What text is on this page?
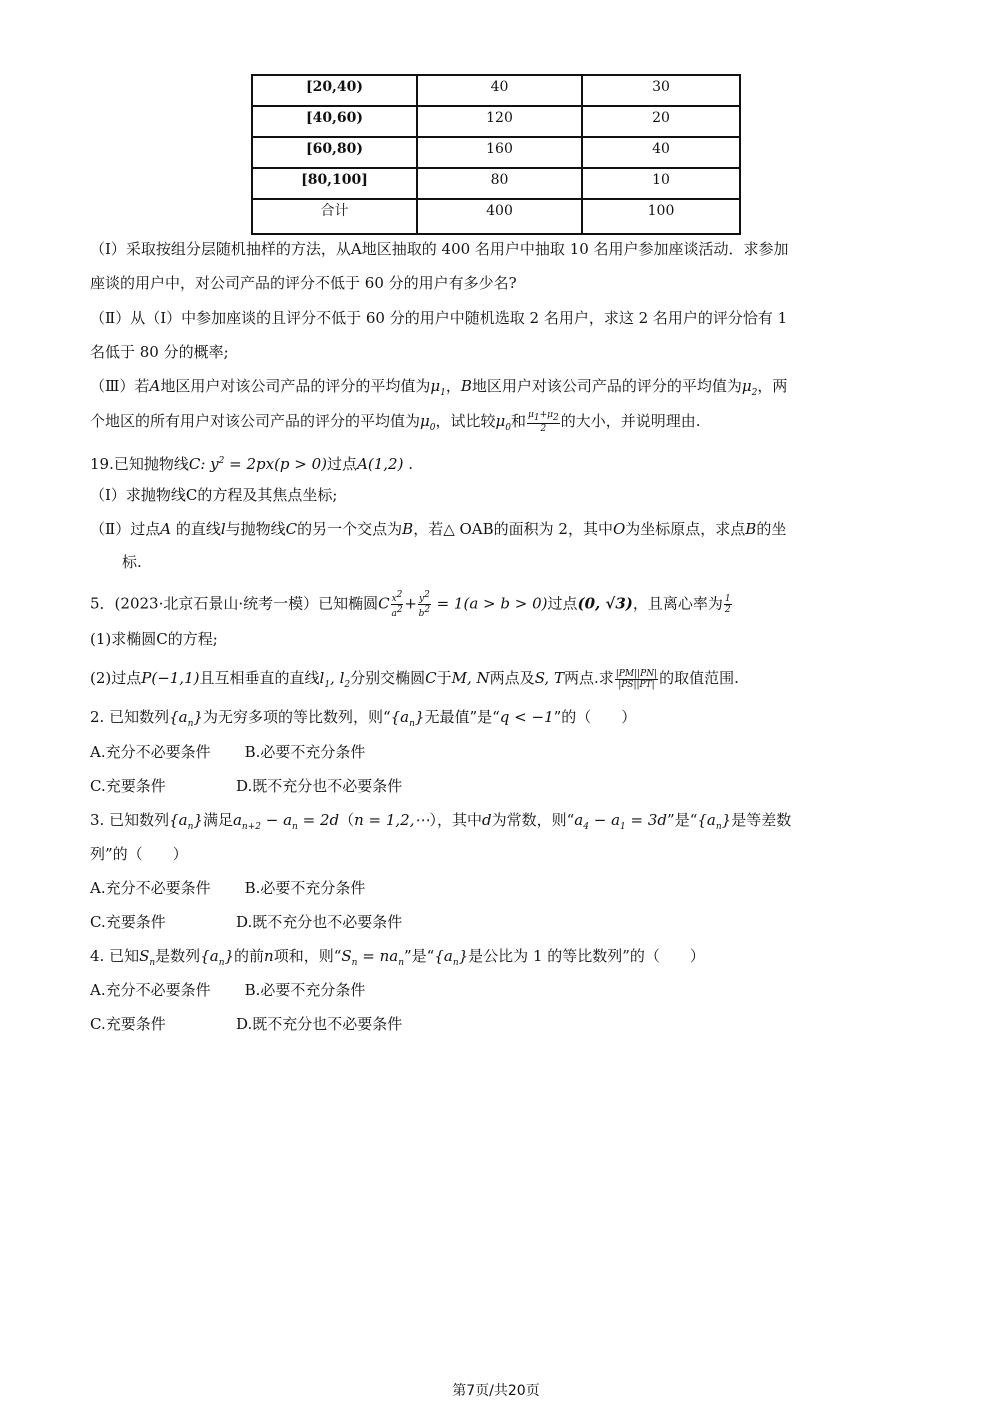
[20,40)	40	30
[40,60)	120	20
[60,80)	160	40
[80,100]	80	10
合计	400	100
（Ⅰ）采取按组分层随机抽样的方法，从A地区抽取的 400 名用户中抽取 10 名用户参加座谈活动．求参加
座谈的用户中，对公司产品的评分不低于 60 分的用户有多少名?
（Ⅱ）从（Ⅰ）中参加座谈的且评分不低于 60 分的用户中随机选取 2 名用户，求这 2 名用户的评分恰有 1
名低于 80 分的概率;
（Ⅲ）若A地区用户对该公司产品的评分的平均值为$\mu_1$，B地区用户对该公司产品的评分的平均值为$\mu_2$，两
个地区的所有用户对该公司产品的评分的平均值为$\mu_0$，试比较$\mu_0$和 $\frac{\mu_1+\mu_2}{2}$ 的大小，并说明理由.
19.已知抛物线C: $y^2 = 2px(p > 0)$过点A(1,2) .
（Ⅰ）求抛物线C的方程及其焦点坐标;
（Ⅱ）过点A 的直线l与抛物线C的另一个交点为B，若△ OAB的面积为 2，其中O为坐标原点，求点B的坐
标.
5．(2023·北京石景山·统考一模）已知椭圆C $\frac{x^2}{a^2} + \frac{y^2}{b^2} = 1(a > b > 0)$过点(0, √3)，且离心率为 $\frac{1}{2}$
(1)求椭圆C的方程;
(2)过点P(−1,1)且互相垂直的直线$l_1$, $l_2$分别交椭圆C于M, N两点及S, T两点.求 $\frac{|PM||PN|}{|PS||PT|}$ 的取值范围.
2. 已知数列$\{a_n\}$为无穷多项的等比数列，则“$\{a_n\}$无最值”是“q < −1”的（　　）
A.充分不必要条件 B.必要不充分条件
C.充要条件	D.既不充分也不必要条件
3. 已知数列$\{a_n\}$满足$a_{n+2} - a_n = 2d(n$ = 1,2,⋯），其中d为常数，则“$a_4 - a_1 = 3d$”是“$\{a_n\}$是等差数
列”的（　　）
A.充分不必要条件 B.必要不充分条件
C.充要条件	D.既不充分也不必要条件
4. 已知$S_n$是数列$\{a_n\}$的前n项和，则“$S_n = na_n$”是“$\{a_n\}$是公比为 1 的等比数列”的（　　）
A.充分不必要条件 B.必要不充分条件
C.充要条件	D.既不充分也不必要条件
第7页/共20页
